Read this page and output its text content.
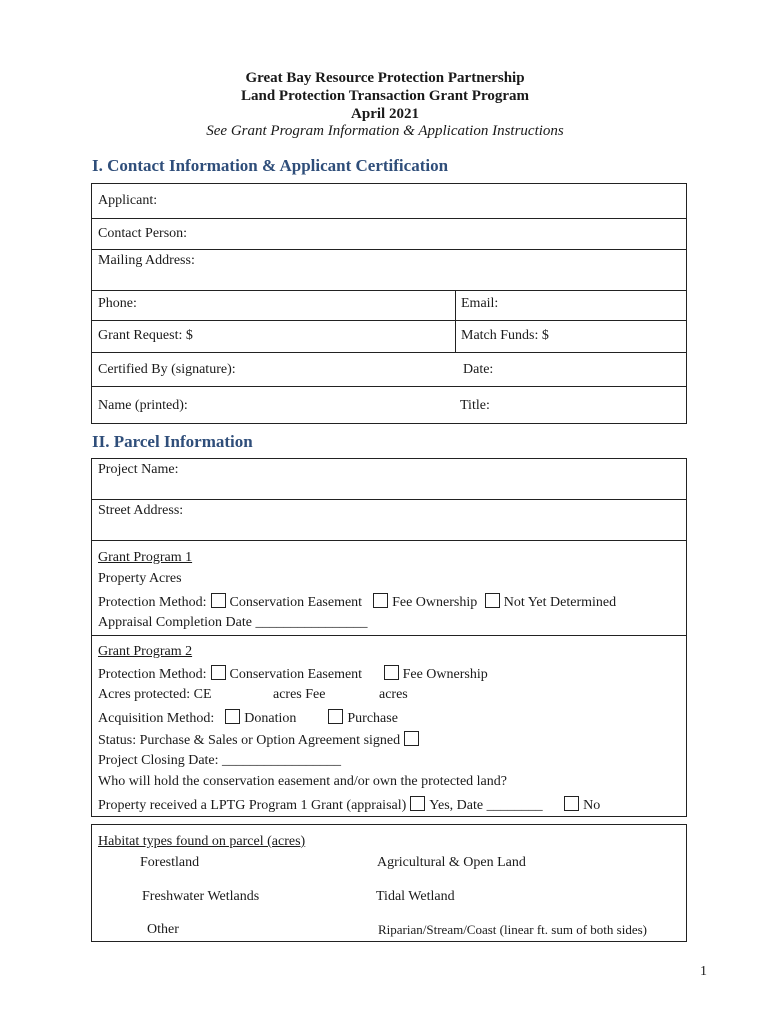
Great Bay Resource Protection Partnership
Land Protection Transaction Grant Program
April 2021
See Grant Program Information & Application Instructions
I. Contact Information & Applicant Certification
Applicant:
Contact Person:
Mailing Address:
Phone:	Email:
Grant Request: $	Match Funds: $
Certified By (signature):	Date:
Name (printed):	Title:
II. Parcel Information
Project Name:
Street Address:
Grant Program 1
Property Acres
Protection Method: Conservation Easement Fee Ownership Not Yet Determined
Appraisal Completion Date ________________
Grant Program 2
Protection Method: Conservation Easement	Fee Ownership
Acres protected: CE	acres Fee	acres
Acquisition Method: Donation	Purchase
Status: Purchase & Sales or Option Agreement signed
Project Closing Date: _________________
Who will hold the conservation easement and/or own the protected land?
Property received a LPTG Program 1 Grant (appraisal) Yes, Date ________	No
Habitat types found on parcel (acres)
Forestland	Agricultural & Open Land
Freshwater Wetlands	Tidal Wetland
Other	Riparian/Stream/Coast (linear ft. sum of both sides)
1
